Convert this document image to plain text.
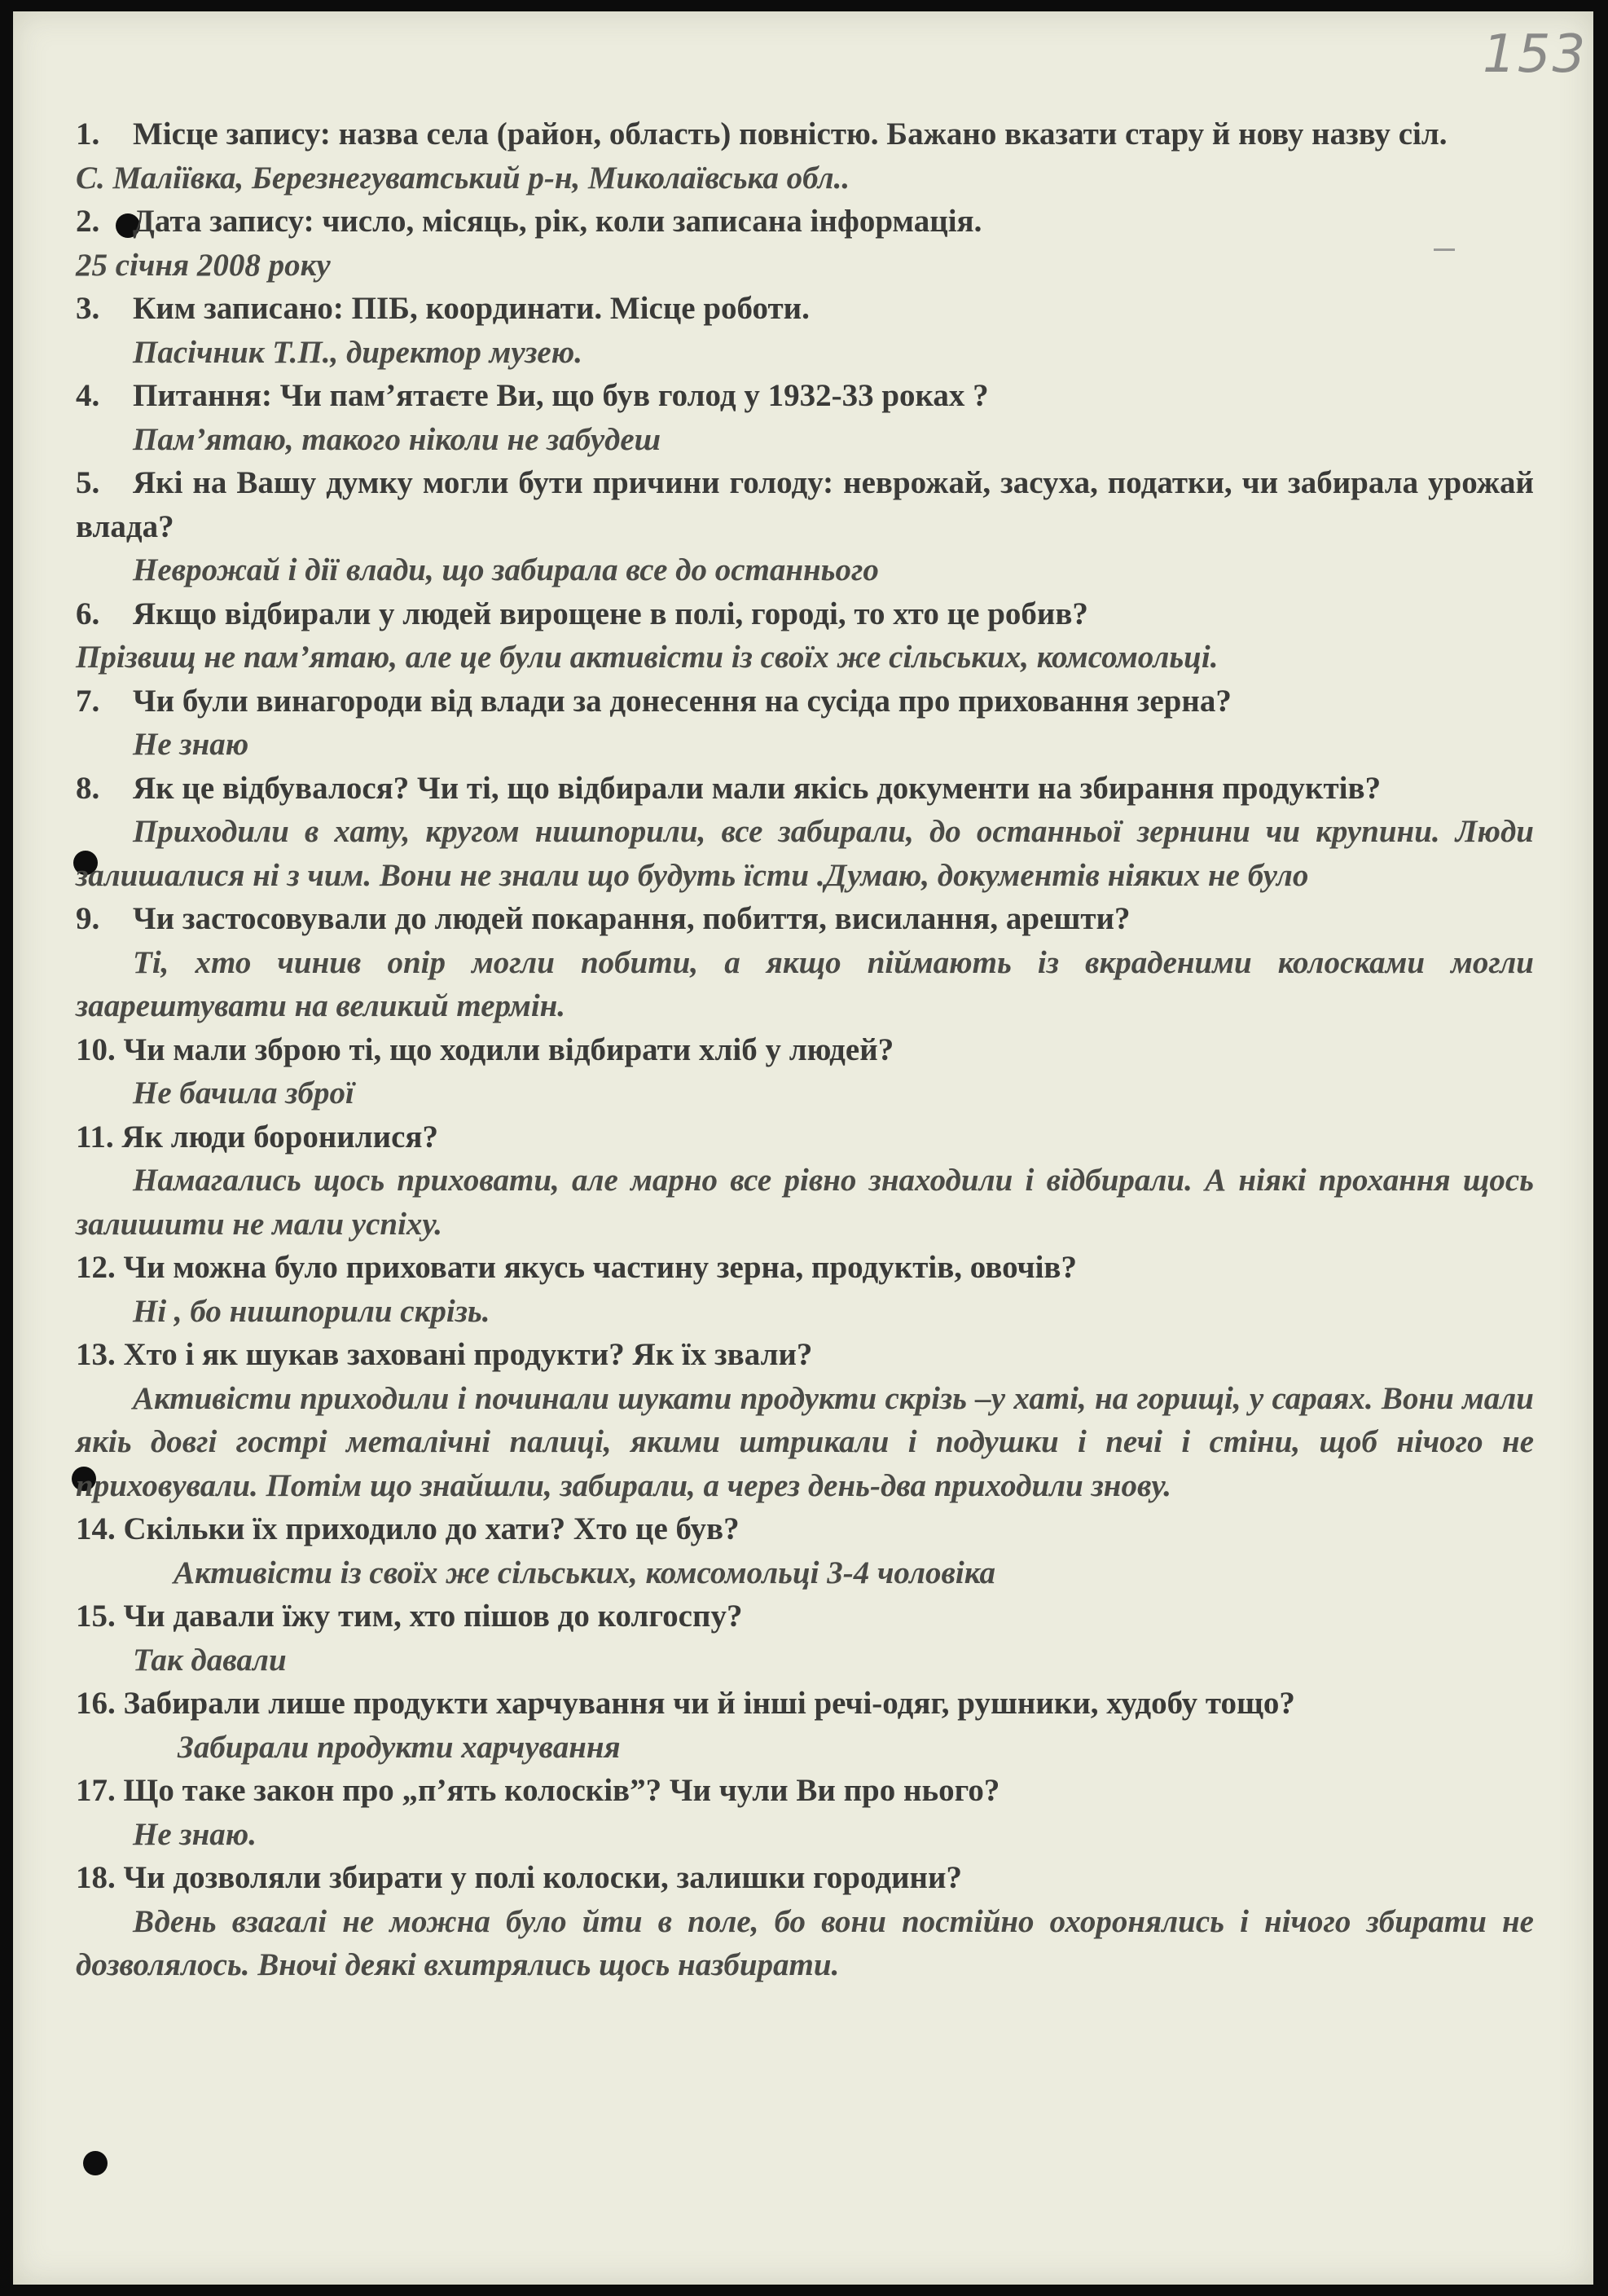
153

1. Місце запису: назва села (район, область) повністю. Бажано вказати стару й нову назву сіл.

С. Маліївка, Березнегуватський р-н, Миколаївська обл..

2. Дата запису: число, місяць, рік, коли записана інформація.

25 січня 2008 року

3. Ким записано: ПІБ, координати. Місце роботи.

Пасічник Т.П., директор музею.

4. Питання: Чи пам’ятаєте Ви, що був голод у 1932-33 роках ?

Пам’ятаю, такого ніколи не забудеш

5. Які на Вашу думку могли бути причини голоду: неврожай, засуха, податки, чи забирала урожай влада?

Неврожай і дії влади, що забирала все до останнього

6. Якщо відбирали у людей вирощене в полі, городі, то хто це робив?

Прізвищ не пам’ятаю, але це були активісти із своїх же сільських, комсомольці.

7. Чи були винагороди від влади за донесення на сусіда про приховання зерна?

Не знаю

8. Як це відбувалося? Чи ті, що відбирали мали якісь документи на збирання продуктів?

Приходили в хату, кругом нишпорили, все забирали, до останньої зернини чи крупини. Люди залишалися ні з чим. Вони не знали що будуть їсти .Думаю, документів ніяких не було

9. Чи застосовували до людей покарання, побиття, висилання, арешти?

Ті, хто чинив опір могли побити, а якщо піймають із вкраденими колосками могли заарештувати на великий термін.

10. Чи мали зброю ті, що ходили відбирати хліб у людей?

Не бачила зброї

11. Як люди боронилися?

Намагались щось приховати, але марно все рівно знаходили і відбирали. А ніякі прохання щось залишити не мали успіху.

12. Чи можна було приховати якусь частину зерна, продуктів, овочів?

Ні , бо нишпорили скрізь.

13. Хто і як шукав заховані продукти? Як їх звали?

Активісти приходили і починали шукати продукти скрізь –у хаті, на горищі, у сараях. Вони мали якіь довгі гострі металічні палиці, якими штрикали і подушки і печі і стіни, щоб нічого не приховували. Потім що знайшли, забирали, а через день-два приходили знову.

14. Скільки їх приходило до хати? Хто це був?

Активісти із своїх же сільських, комсомольці 3-4 чоловіка

15. Чи давали їжу тим, хто пішов до колгоспу?

Так давали

16. Забирали лише продукти харчування чи й інші речі-одяг, рушники, худобу тощо?

Забирали продукти харчування

17. Що таке закон про „п’ять колосків”? Чи чули Ви про нього?

Не знаю.

18. Чи дозволяли збирати у полі колоски, залишки городини?

Вдень взагалі не можна було йти в поле, бо вони постійно охоронялись і нічого збирати не дозволялось. Вночі деякі вхитрялись щось назбирати.
